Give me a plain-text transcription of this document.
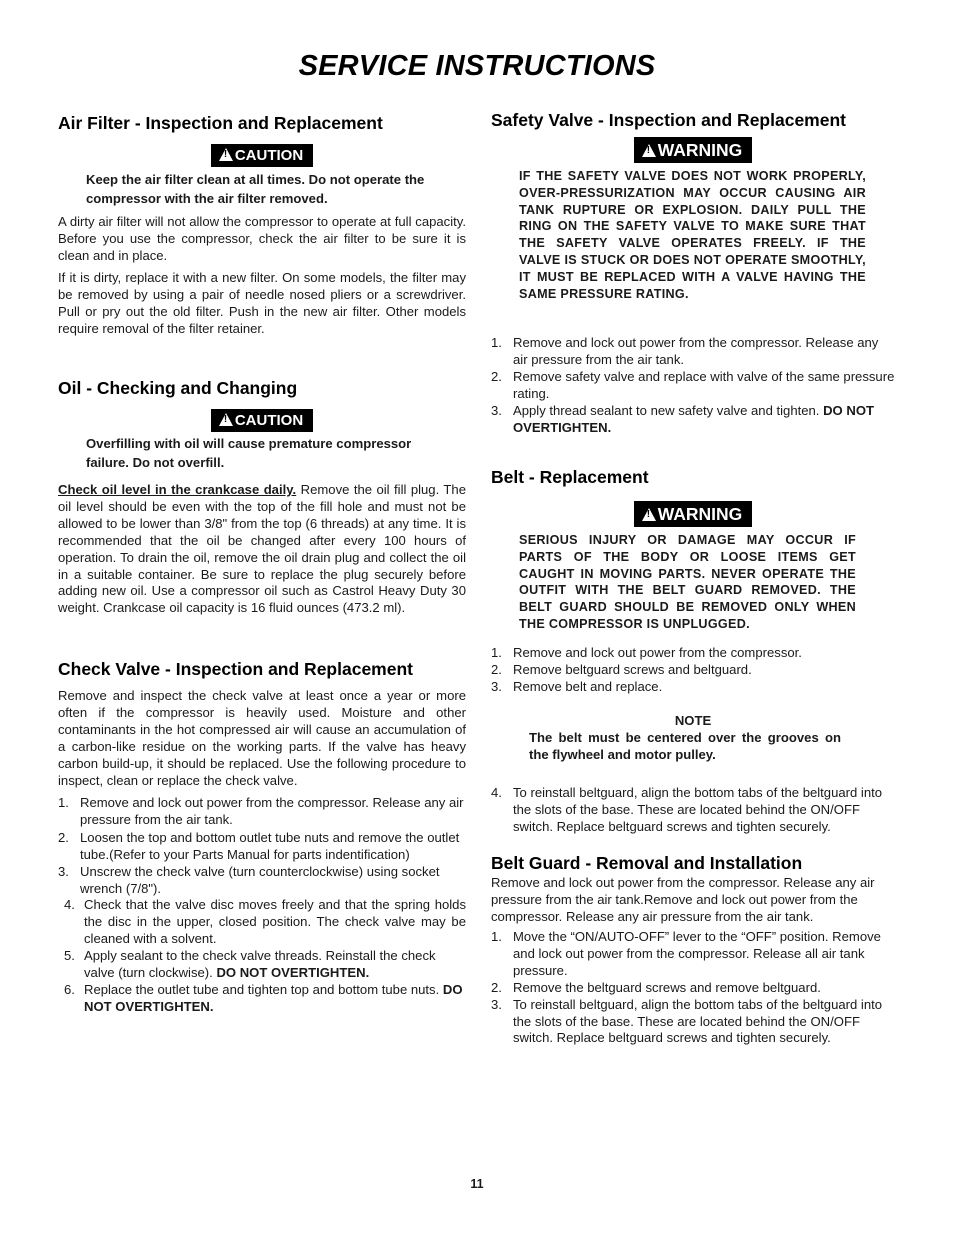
SERVICE INSTRUCTIONS
Air Filter - Inspection and Replacement
!CAUTION
Keep the air filter clean at all times. Do not operate the compressor with the air filter removed.

A dirty air filter will not allow the compressor to operate at full capacity. Before you use the compressor, check the air filter to be sure it is clean and in place.

If it is dirty, replace it with a new filter. On some models, the filter may be removed by using a pair of needle nosed pliers or a screwdriver. Pull or pry out the old filter. Push in the new air filter. Other models require removal of the filter retainer.

Oil - Checking and Changing
!CAUTION
Overfilling with oil will cause premature compressor failure. Do not overfill.

Check oil level in the crankcase daily. Remove the oil fill plug. The oil level should be even with the top of the fill hole and must not be allowed to be lower than 3/8" from the top (6 threads) at any time. It is recommended that the oil be changed after every 100 hours of operation. To drain the oil, remove the oil drain plug and collect the oil in a suitable container. Be sure to replace the plug securely before adding new oil. Use a compressor oil such as Castrol Heavy Duty 30 weight. Crankcase oil capacity is 16 fluid ounces (473.2 ml).

Check Valve - Inspection and Replacement

Remove and inspect the check valve at least once a year or more often if the compressor is heavily used. Moisture and other contaminants in the hot compressed air will cause an accumulation of a carbon-like residue on the working parts. If the valve has heavy carbon build-up, it should be replaced. Use the following procedure to inspect, clean or replace the check valve.

1. Remove and lock out power from the compressor. Release any air pressure from the air tank.
2. Loosen the top and bottom outlet tube nuts and remove the outlet tube.(Refer to your Parts Manual for parts indentification)
3. Unscrew the check valve (turn counterclockwise) using socket wrench (7/8").
4. Check that the valve disc moves freely and that the spring holds the disc in the upper, closed position. The check valve may be cleaned with a solvent.
5. Apply sealant to the check valve threads. Reinstall the check valve (turn clockwise). DO NOT OVERTIGHTEN.
6. Replace the outlet tube and tighten top and bottom tube nuts. DO NOT OVERTIGHTEN.
Safety Valve - Inspection and Replacement
!WARNING
IF THE SAFETY VALVE DOES NOT WORK PROPERLY, OVER-PRESSURIZATION MAY OCCUR CAUSING AIR TANK RUPTURE OR EXPLOSION. DAILY PULL THE RING ON THE SAFETY VALVE TO MAKE SURE THAT THE SAFETY VALVE OPERATES FREELY. IF THE VALVE IS STUCK OR DOES NOT OPERATE SMOOTHLY, IT MUST BE REPLACED WITH A VALVE HAVING THE SAME PRESSURE RATING.
1. Remove and lock out power from the compressor. Release any air pressure from the air tank.
2. Remove safety valve and replace with valve of the same pressure rating.
3. Apply thread sealant to new safety valve and tighten. DO NOT OVERTIGHTEN.
Belt - Replacement
!WARNING
SERIOUS INJURY OR DAMAGE MAY OCCUR IF PARTS OF THE BODY OR LOOSE ITEMS GET CAUGHT IN MOVING PARTS. NEVER OPERATE THE OUTFIT WITH THE BELT GUARD REMOVED. THE BELT GUARD SHOULD BE REMOVED ONLY WHEN THE COMPRESSOR IS UNPLUGGED.
1. Remove and lock out power from the compressor.
2. Remove beltguard screws and beltguard.
3. Remove belt and replace.
NOTE
The belt must be centered over the grooves on the flywheel and motor pulley.
4. To reinstall beltguard, align the bottom tabs of the beltguard into the slots of the base. These are located behind the ON/OFF switch. Replace beltguard screws and tighten securely.
Belt Guard - Removal and Installation

Remove and lock out power from the compressor. Release any air pressure from the air tank.Remove and lock out power from the compressor. Release any air pressure from the air tank.

1. Move the “ON/AUTO-OFF” lever to the “OFF” position. Remove and lock out power from the compressor. Release all air tank pressure.
2. Remove the beltguard screws and remove beltguard.
3. To reinstall beltguard, align the bottom tabs of the beltguard into the slots of the base. These are located behind the ON/OFF switch. Replace beltguard screws and tighten securely.
11
